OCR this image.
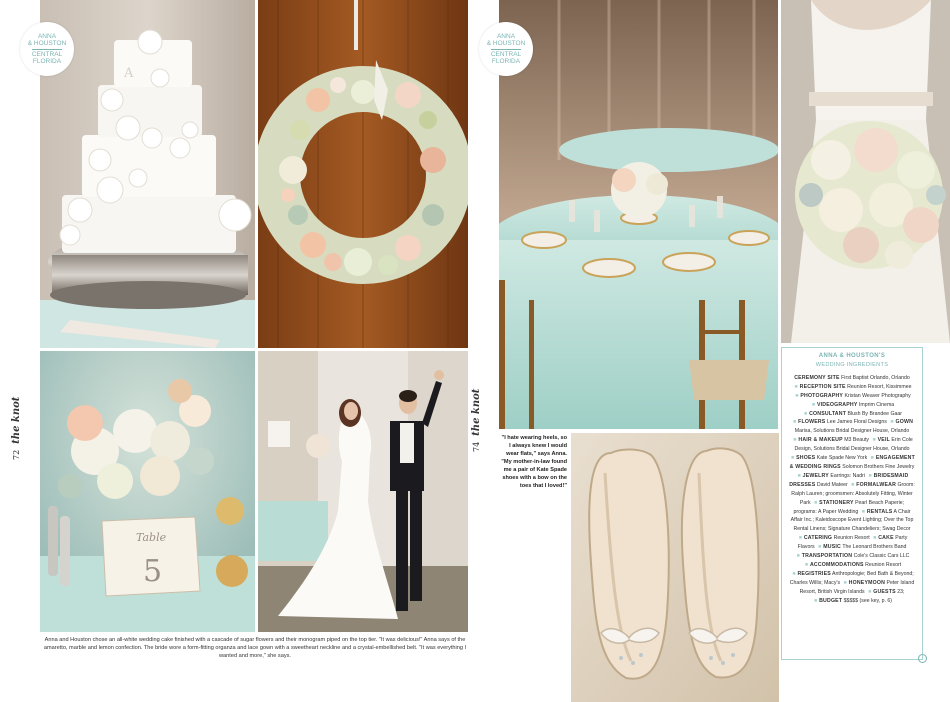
A
Table
5
Anna and Houston chose an all-white wedding cake finished with a cascade of sugar flowers and their monogram piped on the top tier. "It was delicious!" Anna says of the amaretto, marble and lemon confection. The bride wore a form-fitting organza and lace gown with a sweetheart neckline and a crystal-embellished belt. "It was everything I wanted and more," she says.
ANNA
& HOUSTON
CENTRAL
FLORIDA
72
the knot	"I hate wearing heels, so I always knew I would wear flats," says Anna. "My mother-in-law found me a pair of Kate Spade shoes with a bow on the toes that I loved!"
ANNA
& HOUSTON
CENTRAL
FLORIDA
74
the knot
ANNA & HOUSTON'S
WEDDING INGREDIENTS
CEREMONY SITE First Baptist Orlando, Orlando ■ RECEPTION SITE Reunion Resort, Kissimmee ■ PHOTOGRAPHY Kristan Weaver Photography ■ VIDEOGRAPHY Imprim Cinema ■ CONSULTANT Blush By Brandee Gaar ■ FLOWERS Lee James Floral Designs ■ GOWN Marisa, Solutions Bridal Designer House, Orlando ■ HAIR & MAKEUP M3 Beauty ■ VEIL Erin Cole Design, Solutions Bridal Designer House, Orlando ■ SHOES Kate Spade New York ■ ENGAGEMENT & WEDDING RINGS Solomon Brothers Fine Jewelry ■ JEWELRY Earrings: Nadri ■ BRIDESMAID DRESSES David Mateer ■ FORMALWEAR Groom: Ralph Lauren; groomsmen: Absolutely Fitting, Winter Park ■ STATIONERY Pearl Beach Paperie; programs: A Paper Wedding ■ RENTALS A Chair Affair Inc.; Kaleidoscope Event Lighting; Over the Top Rental Linens; Signature Chandeliers; Swag Decor ■ CATERING Reunion Resort ■ CAKE Party Flavors ■ MUSIC The Leonard Brothers Band ■ TRANSPORTATION Cole's Classic Cars LLC ■ ACCOMMODATIONS Reunion Resort ■ REGISTRIES Anthropologie; Bed Bath & Beyond; Charles Willis; Macy's ■ HONEYMOON Peter Island Resort, British Virgin Islands ■ GUESTS 23; ■ BUDGET $$$$$ (see key, p. 6)
